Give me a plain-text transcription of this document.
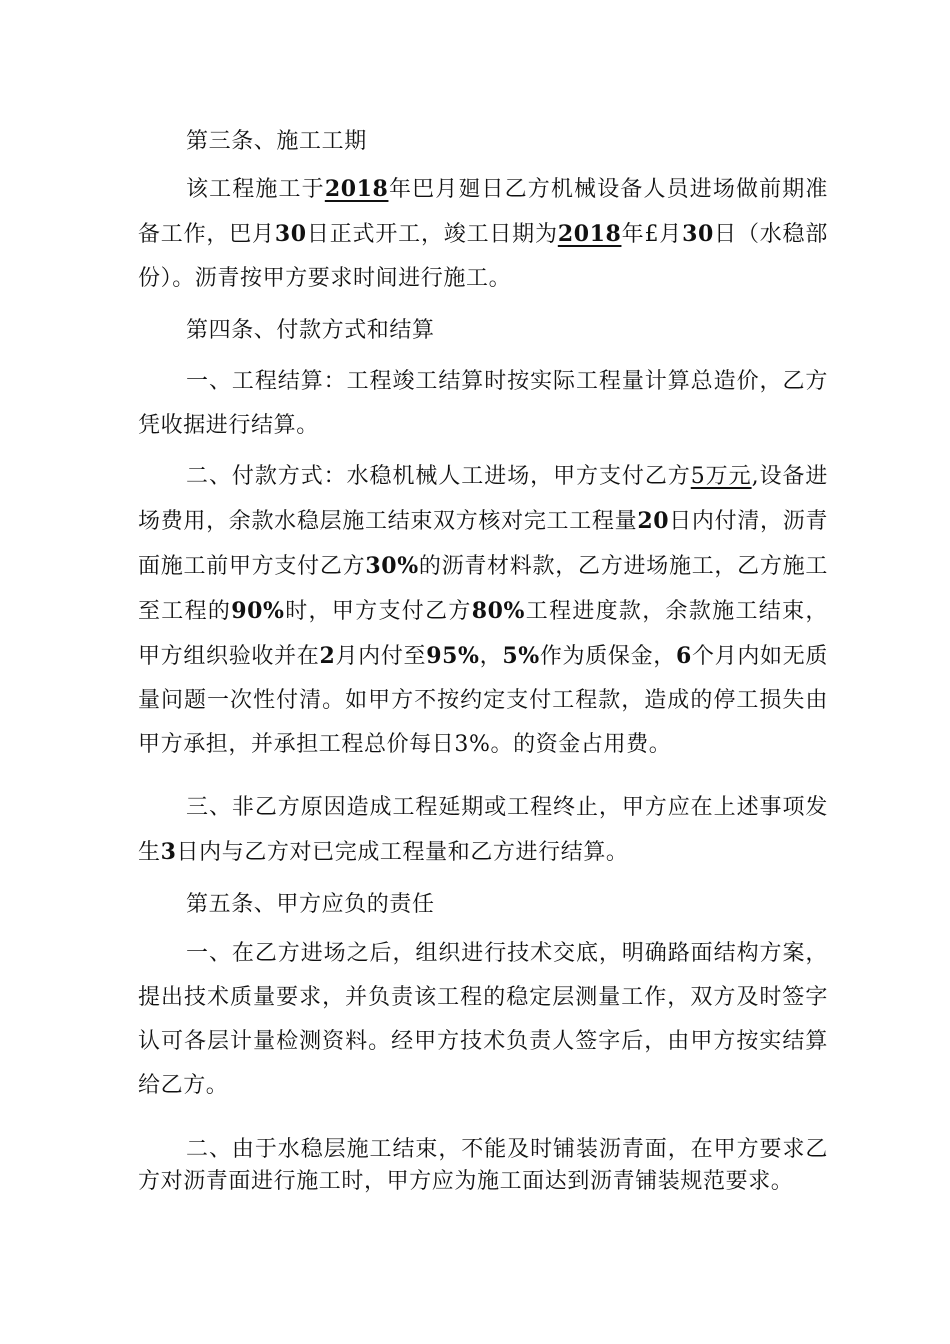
第三条、施工工期

该工程施工于2018年巴月廻日乙方机械设备人员进场做前期准备工作，巴月30日正式开工，竣工日期为2018年£月30日（水稳部份）。沥青按甲方要求时间进行施工。

第四条、付款方式和结算

一、工程结算：工程竣工结算时按实际工程量计算总造价，乙方凭收据进行结算。

二、付款方式：水稳机械人工进场，甲方支付乙方5万元,设备进场费用，余款水稳层施工结束双方核对完工工程量20日内付清，沥青面施工前甲方支付乙方30%的沥青材料款，乙方进场施工，乙方施工至工程的90%时，甲方支付乙方80%工程进度款，余款施工结束，甲方组织验收并在2月内付至95%，5%作为质保金，6个月内如无质量问题一次性付清。如甲方不按约定支付工程款，造成的停工损失由甲方承担，并承担工程总价每日3%。的资金占用费。

三、非乙方原因造成工程延期或工程终止，甲方应在上述事项发生3日内与乙方对已完成工程量和乙方进行结算。

第五条、甲方应负的责任

一、在乙方进场之后，组织进行技术交底，明确路面结构方案，提出技术质量要求，并负责该工程的稳定层测量工作，双方及时签字认可各层计量检测资料。经甲方技术负责人签字后，由甲方按实结算给乙方。

二、由于水稳层施工结束，不能及时铺装沥青面，在甲方要求乙方对沥青面进行施工时，甲方应为施工面达到沥青铺装规范要求。
